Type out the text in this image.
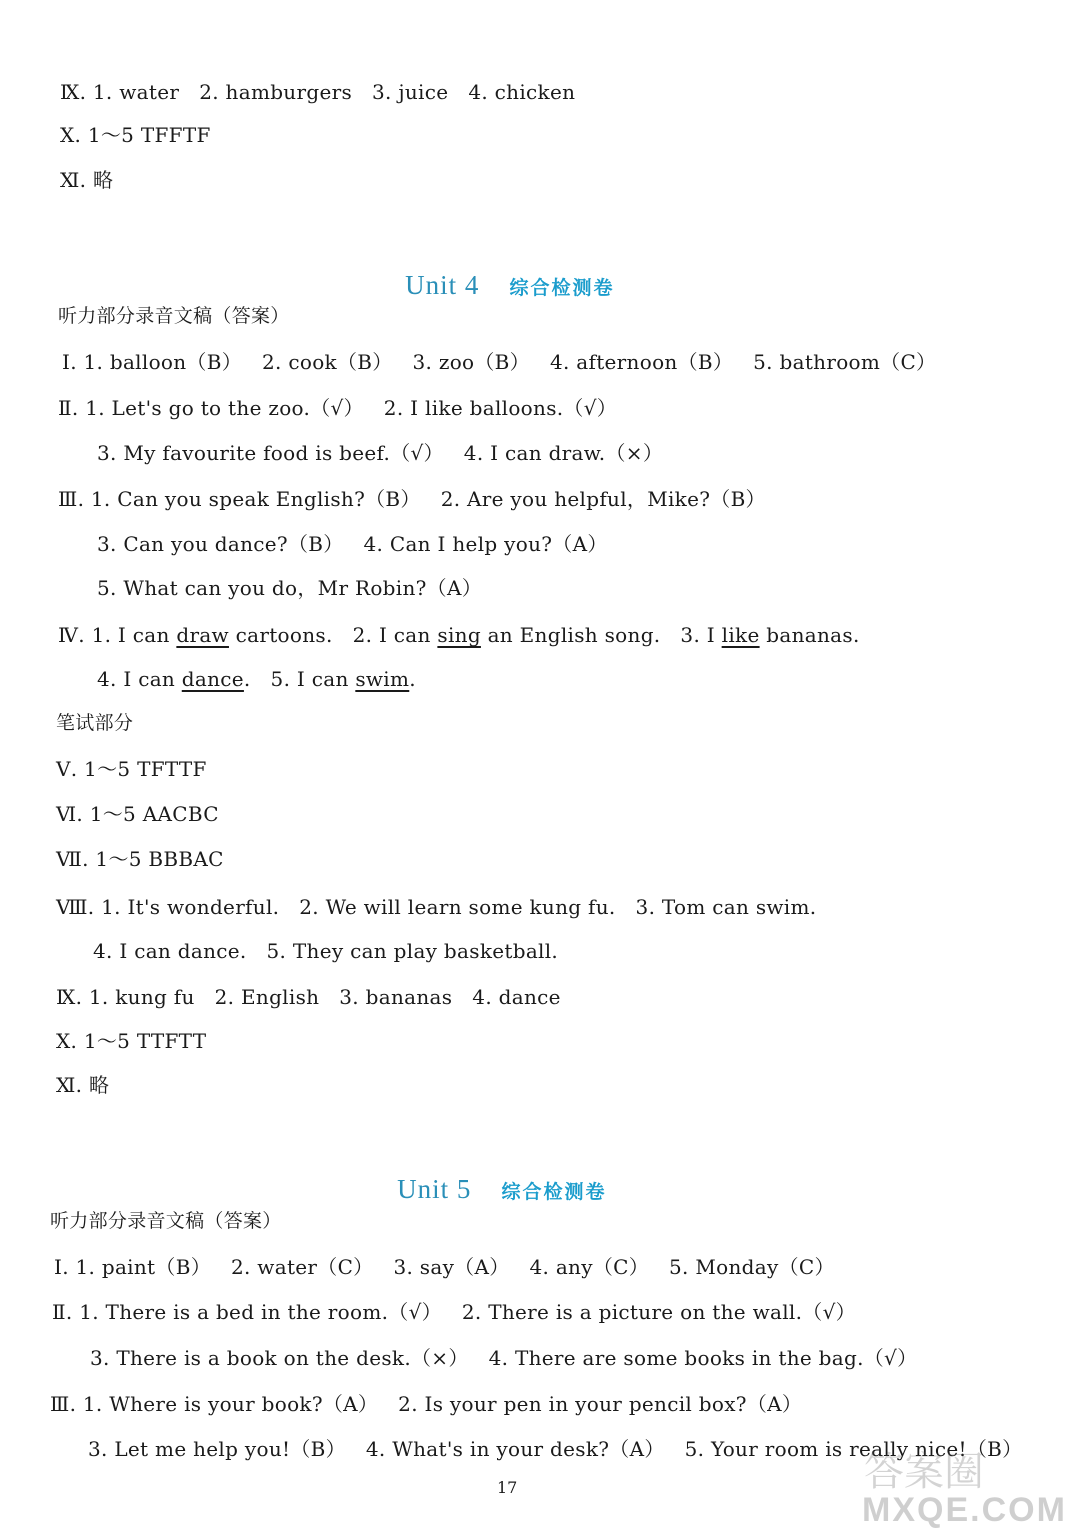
Ⅸ. 1. water   2. hamburgers   3. juice   4. chicken
Ⅹ. 1～5 TFFTF
Ⅺ. 略

Unit 4 综合检测卷

听力部分录音文稿（答案）
Ⅰ. 1. balloon（B）   2. cook（B）   3. zoo（B）   4. afternoon（B）   5. bathroom（C）
Ⅱ. 1. Let's go to the zoo.（√）   2. I like balloons.（√）
3. My favourite food is beef.（√）   4. I can draw.（×）
Ⅲ. 1. Can you speak English?（B）   2. Are you helpful，Mike?（B）
3. Can you dance?（B）   4. Can I help you?（A）
5. What can you do，Mr Robin?（A）
Ⅳ. 1. I can draw cartoons.   2. I can sing an English song.   3. I like bananas.
4. I can dance.   5. I can swim.
笔试部分
Ⅴ. 1～5 TFTTF
Ⅵ. 1～5 AACBC
Ⅶ. 1～5 BBBAC
Ⅷ. 1. It's wonderful.   2. We will learn some kung fu.   3. Tom can swim.
4. I can dance.   5. They can play basketball.
Ⅸ. 1. kung fu   2. English   3. bananas   4. dance
Ⅹ. 1～5 TTFTT
Ⅺ. 略

Unit 5 综合检测卷

听力部分录音文稿（答案）
Ⅰ. 1. paint（B）   2. water（C）   3. say（A）   4. any（C）   5. Monday（C）
Ⅱ. 1. There is a bed in the room.（√）   2. There is a picture on the wall.（√）
3. There is a book on the desk.（×）   4. There are some books in the bag.（√）
Ⅲ. 1. Where is your book?（A）   2. Is your pen in your pencil box?（A）
3. Let me help you!（B）   4. What's in your desk?（A）   5. Your room is really nice!（B）
17	答案圈
MXQE.COM
